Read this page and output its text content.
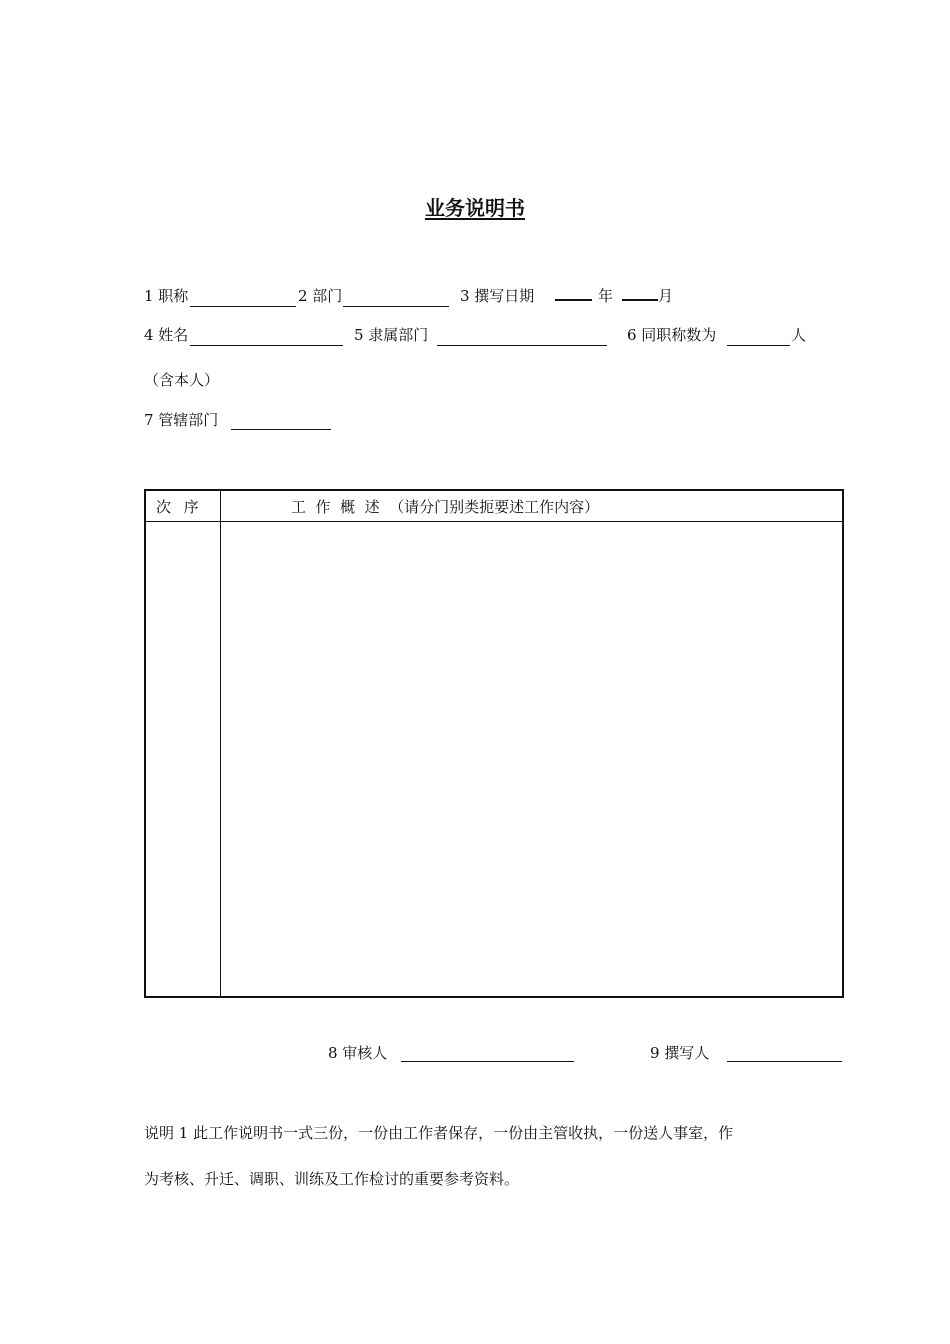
业务说明书
1 职称	2 部门	3 撰写日期	年	月
4 姓名	5 隶属部门	6 同职称数为	人
（含本人）
7 管辖部门
次 序	工  作  概  述  （请分门别类扼要述工作内容）
8 审核人	9 撰写人
说明 1 此工作说明书一式三份，一份由工作者保存，一份由主管收执，一份送人事室，作
为考核、升迁、调职、训练及工作检讨的重要参考资料。
